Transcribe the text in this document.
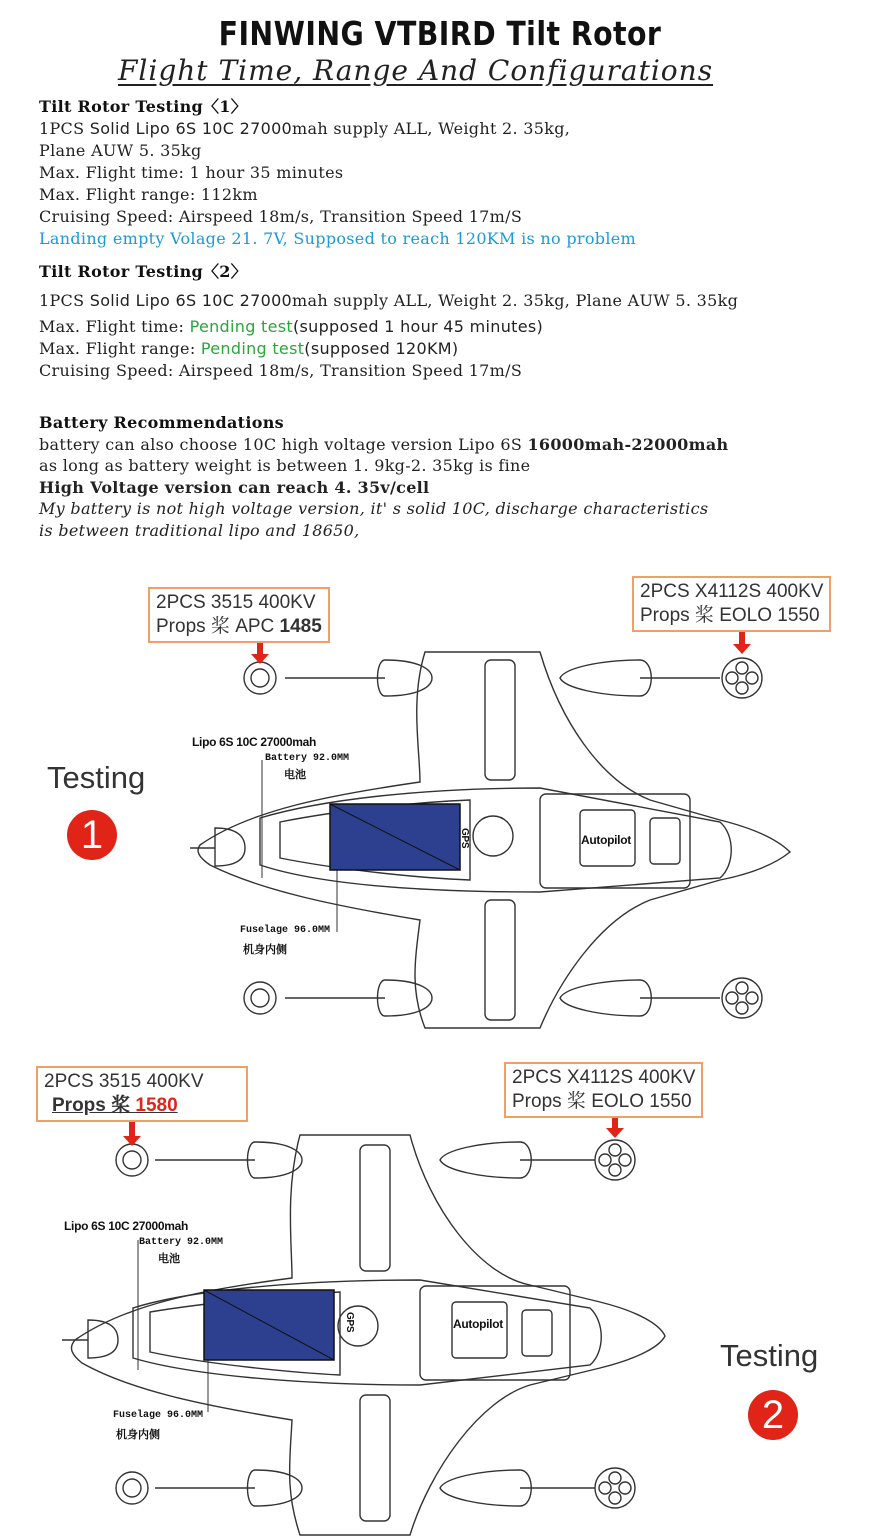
FINWING VTBIRD Tilt Rotor
Flight Time, Range And Configurations
Tilt Rotor Testing〈1〉
1PCS Solid Lipo 6S 10C 27000mah supply ALL, Weight 2. 35kg,
Plane AUW 5. 35kg
Max. Flight time: 1 hour 35 minutes
Max. Flight range: 112km
Cruising Speed: Airspeed 18m/s, Transition Speed 17m/S
Landing empty Volage 21. 7V, Supposed to reach 120KM is no problem
Tilt Rotor Testing〈2〉
1PCS Solid Lipo 6S 10C 27000mah supply ALL, Weight 2. 35kg, Plane AUW 5. 35kg
Max. Flight time: Pending test(supposed 1 hour 45 minutes)
Max. Flight range: Pending test(supposed 120KM)
Cruising Speed: Airspeed 18m/s, Transition Speed 17m/S
Battery Recommendations
battery can also choose 10C high voltage version Lipo 6S 16000mah-22000mah
as long as battery weight is between 1. 9kg-2. 35kg is fine
High Voltage version can reach 4. 35v/cell
My battery is not high voltage version, it' s solid 10C, discharge characteristics
is between traditional lipo and 18650,
GPS	Autopilot
2PCS 3515 400KV
Props 桨 APC 1485
2PCS X4112S 400KV
Props 桨 EOLO 1550
Testing
1
Lipo 6S 10C 27000mah
Battery 92.0MM
电池
Fuselage 96.0MM
机身内侧
GPS	Autopilot
2PCS 3515 400KV
Props 桨 1580
2PCS X4112S 400KV
Props 桨 EOLO 1550
Testing
2
Lipo 6S 10C 27000mah
Battery 92.0MM
电池
Fuselage 96.0MM
机身内侧
